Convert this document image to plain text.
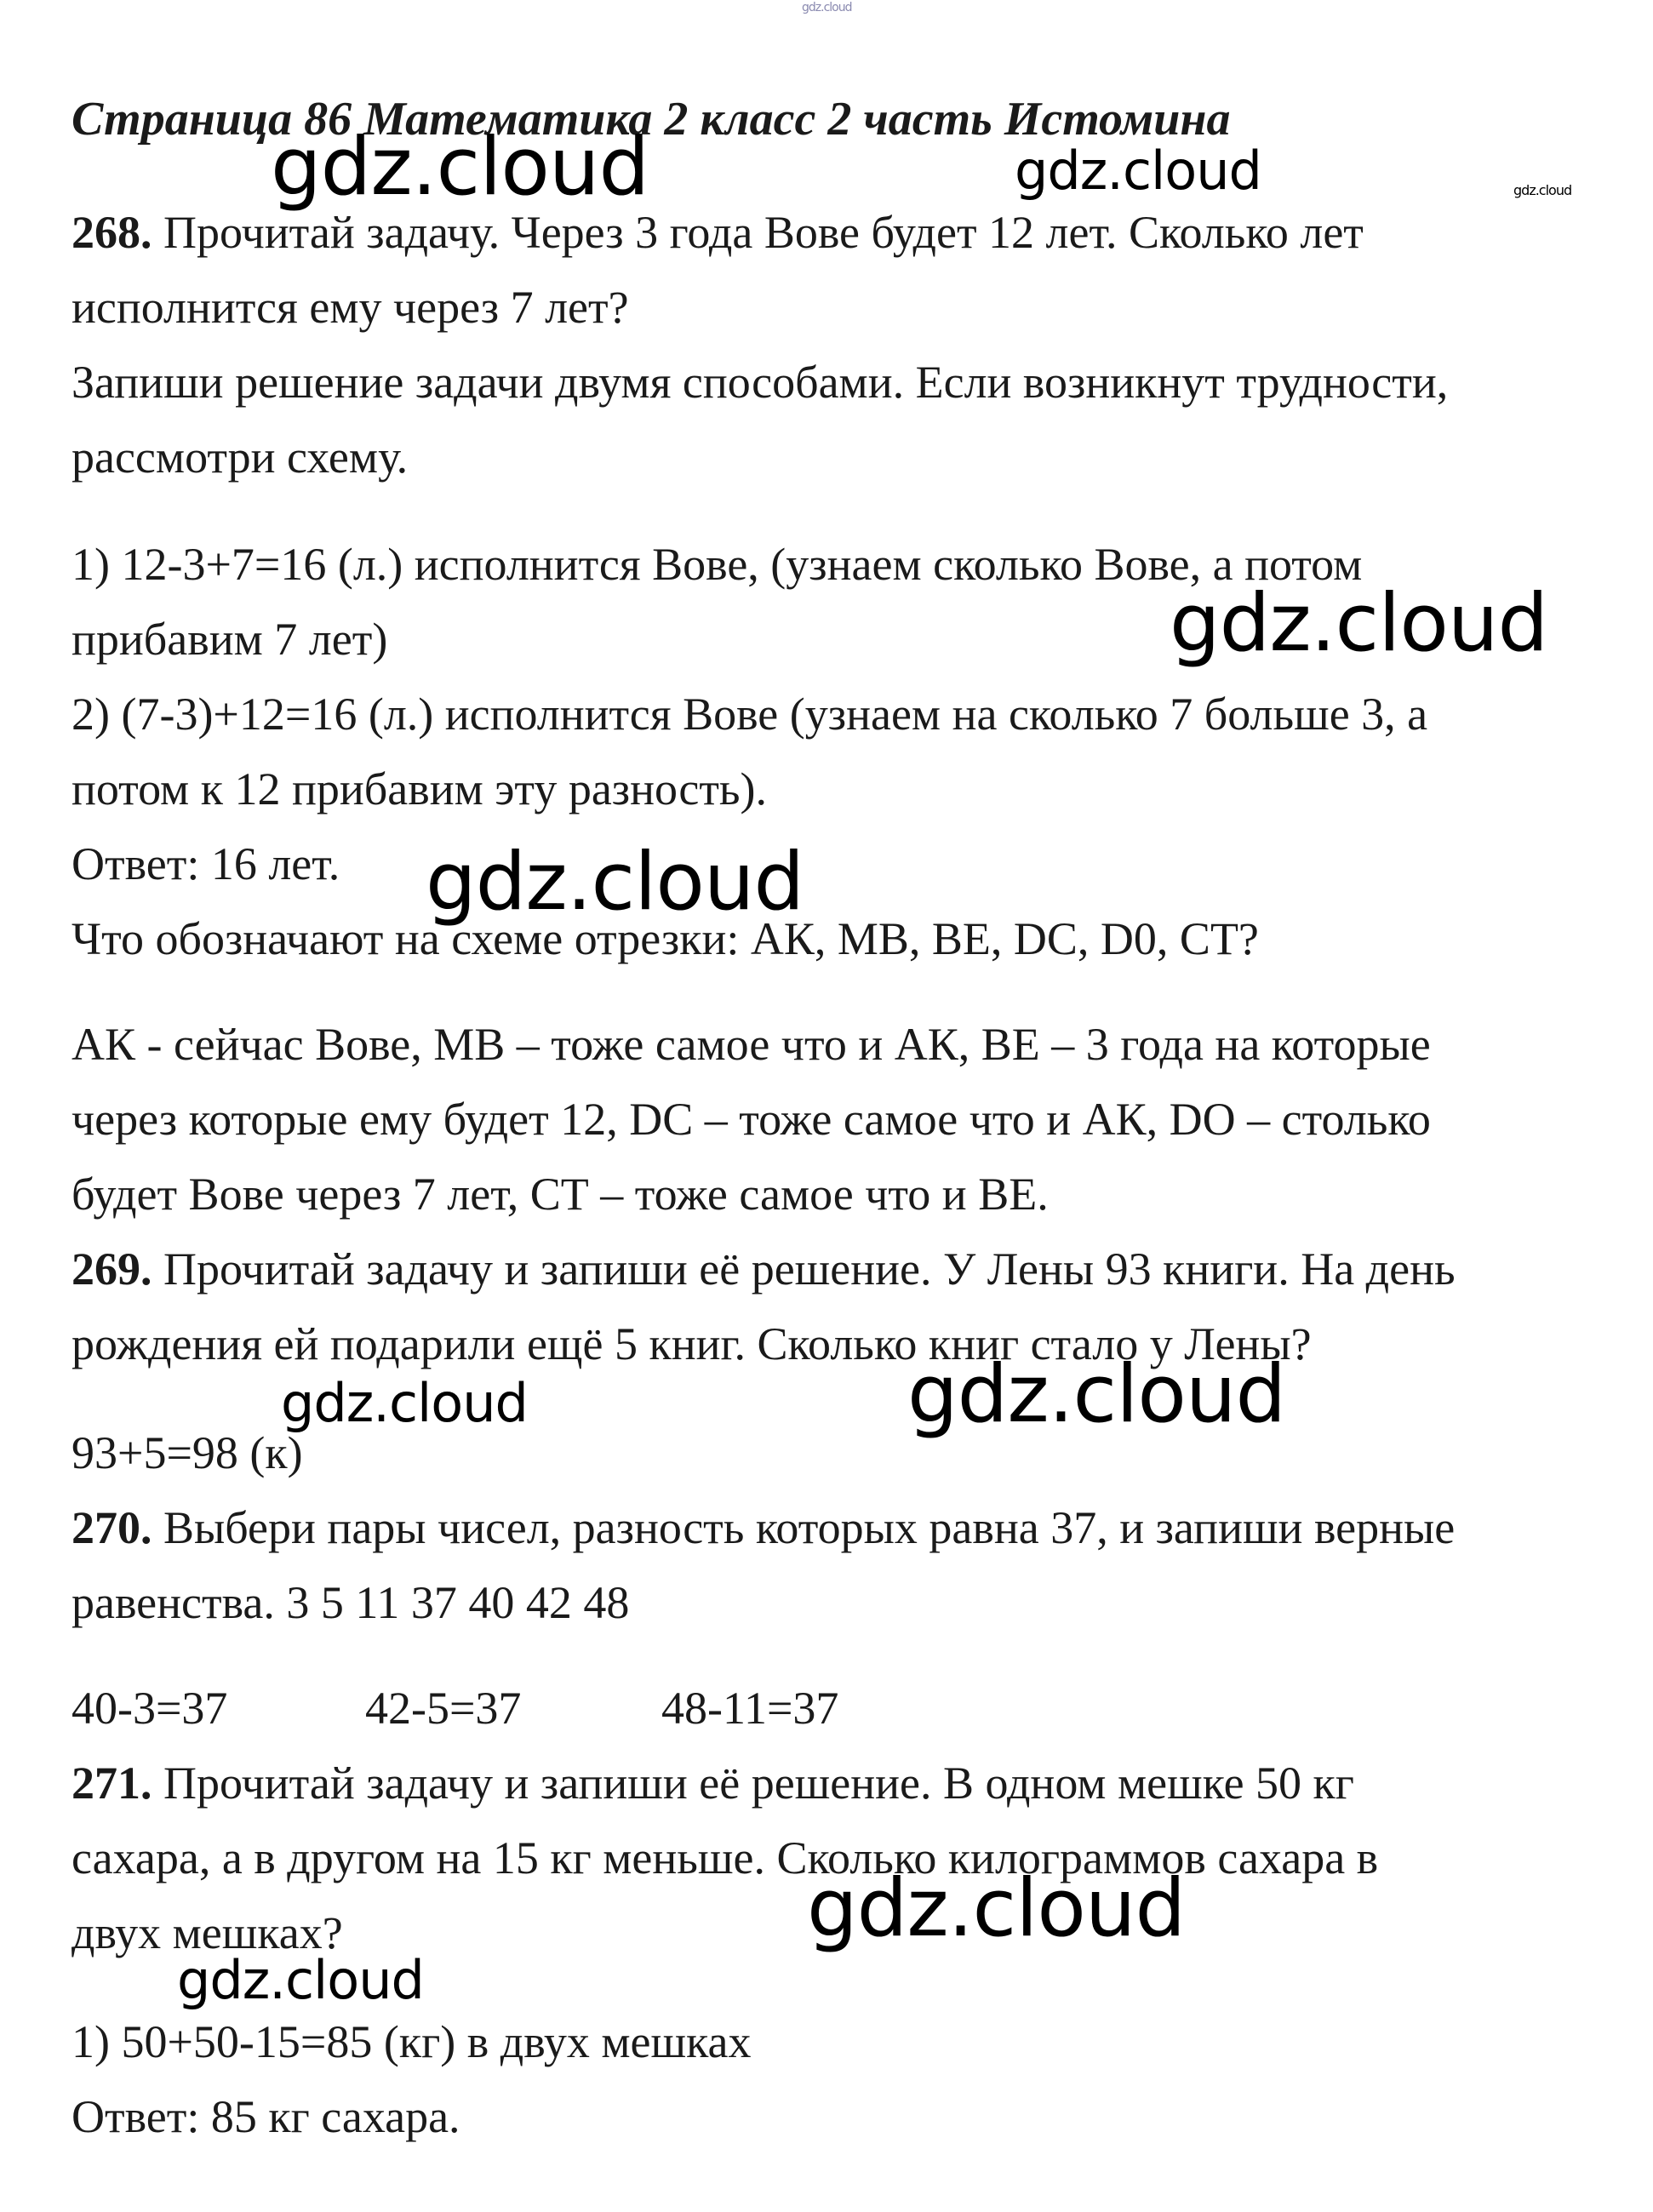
gdz.cloud
Страница 86 Математика 2 класс 2 часть Истомина
268. Прочитай задачу. Через 3 года Вове будет 12 лет. Сколько лет
исполнится ему через 7 лет?
Запиши решение задачи двумя способами. Если возникнут трудности,
рассмотри схему.
1) 12-3+7=16 (л.) исполнится Вове, (узнаем сколько Вове, а потом
прибавим 7 лет)
2) (7-3)+12=16 (л.) исполнится Вове (узнаем на сколько 7 больше 3, а
потом к 12 прибавим эту разность).
Ответ: 16 лет.
Что обозначают на схеме отрезки: АК, МВ, ВЕ, DC, D0, CT?
АК - сейчас Вове, МВ – тоже самое что и АК, ВЕ – 3 года на которые
через которые ему будет 12, DC – тоже самое что и АК, DO – столько
будет Вове через 7 лет, СТ – тоже самое что и ВЕ.
269. Прочитай задачу и запиши её решение. У Лены 93 книги. На день
рождения ей подарили ещё 5 книг. Сколько книг стало у Лены?
93+5=98 (к)
270. Выбери пары чисел, разность которых равна 37, и запиши верные
равенства. 3 5 11 37 40 42 48
40-3=37	42-5=37	48-11=37
271. Прочитай задачу и запиши её решение. В одном мешке 50 кг
сахара, а в другом на 15 кг меньше. Сколько килограммов сахара в
двух мешках?
1) 50+50-15=85 (кг) в двух мешках
Ответ: 85 кг сахара.
gdz.cloud	gdz.cloud	gdz.cloud
gdz.cloud
gdz.cloud
gdz.cloud	gdz.cloud
gdz.cloud
gdz.cloud
